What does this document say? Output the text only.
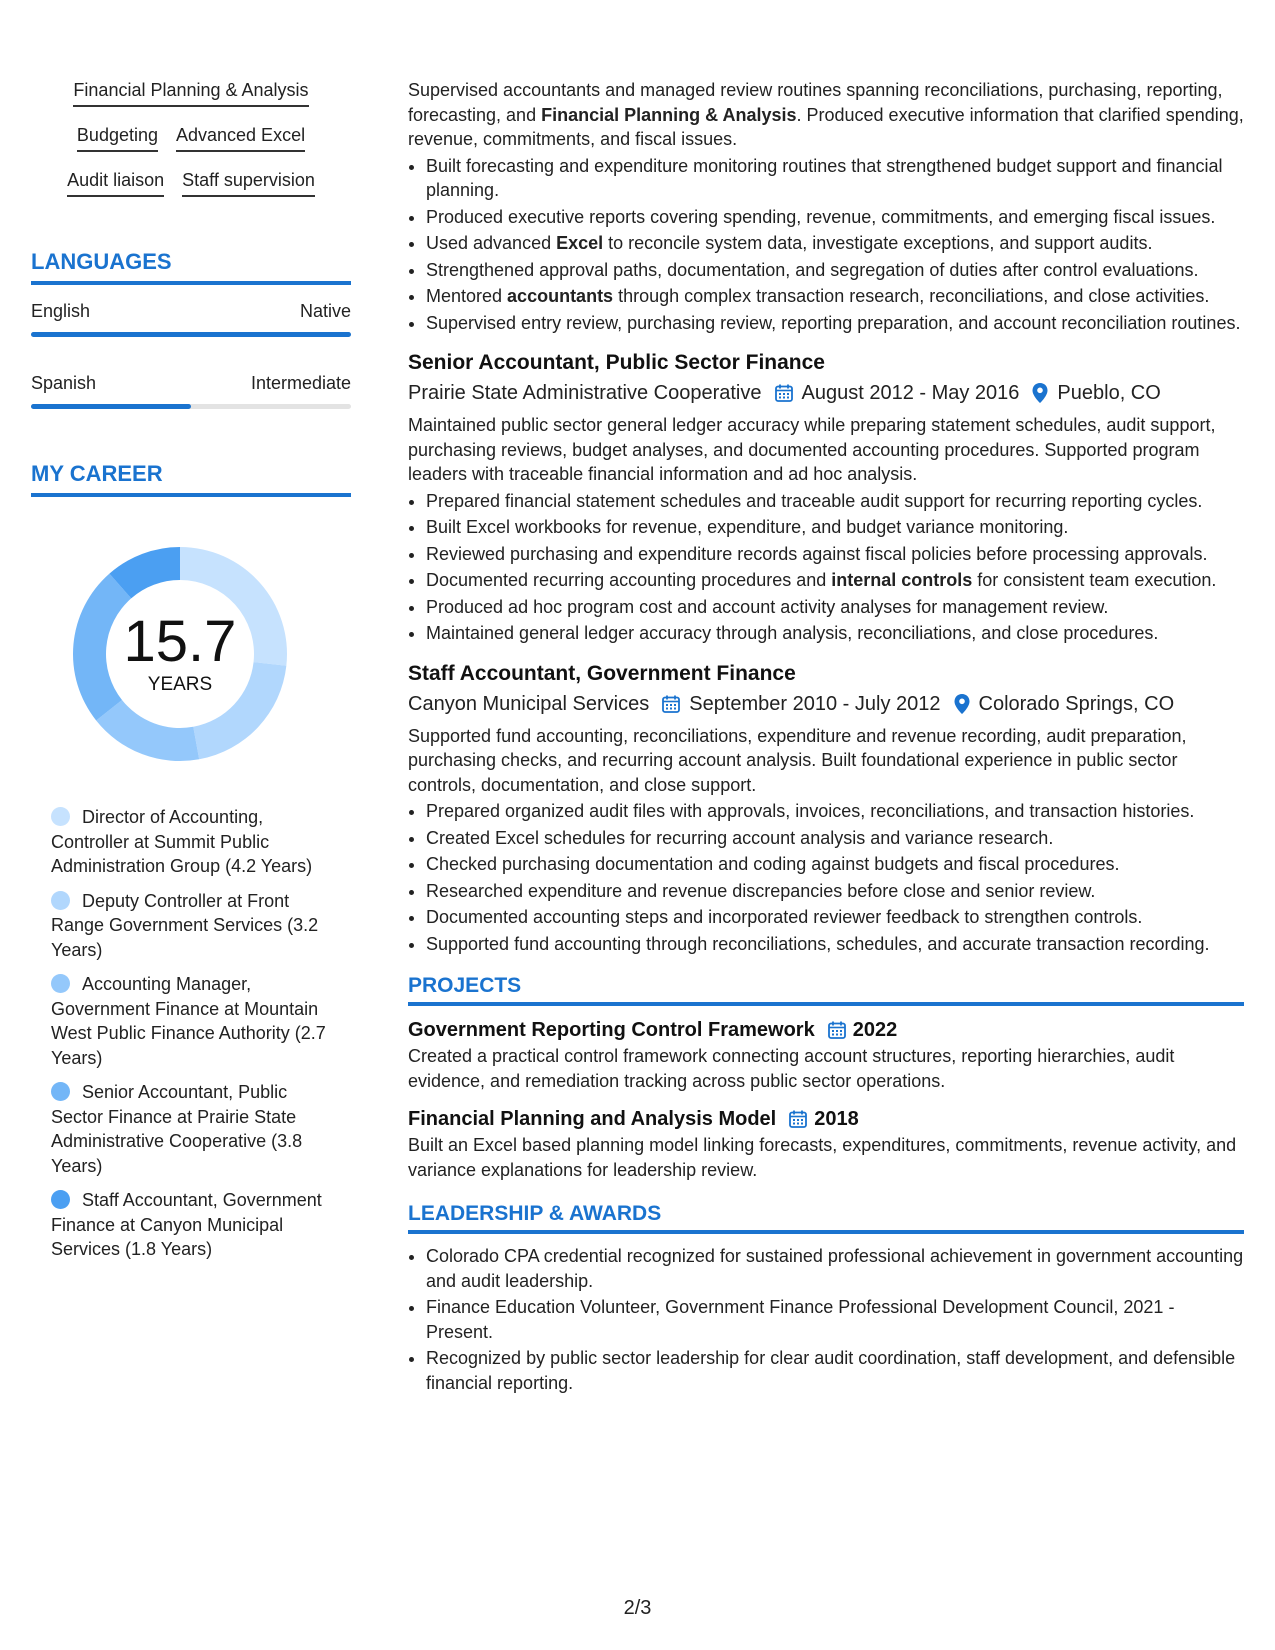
Financial Planning & Analysis
Budgeting Advanced Excel
Audit liaison Staff supervision
LANGUAGES
English	Native
Spanish	Intermediate
MY CAREER
15.7
YEARS
Director of Accounting, Controller at Summit Public Administration Group (4.2 Years)
Deputy Controller at Front Range Government Services (3.2 Years)
Accounting Manager, Government Finance at Mountain West Public Finance Authority (2.7 Years)
Senior Accountant, Public Sector Finance at Prairie State Administrative Cooperative (3.8 Years)
Staff Accountant, Government Finance at Canyon Municipal Services (1.8 Years)

Supervised accountants and managed review routines spanning reconciliations, purchasing, reporting, forecasting, and Financial Planning & Analysis. Produced executive information that clarified spending, revenue, commitments, and fiscal issues.

• Built forecasting and expenditure monitoring routines that strengthened budget support and financial planning.
• Produced executive reports covering spending, revenue, commitments, and emerging fiscal issues.
• Used advanced Excel to reconcile system data, investigate exceptions, and support audits.
• Strengthened approval paths, documentation, and segregation of duties after control evaluations.
• Mentored accountants through complex transaction research, reconciliations, and close activities.
• Supervised entry review, purchasing review, reporting preparation, and account reconciliation routines.
Senior Accountant, Public Sector Finance
Prairie State Administrative Cooperative August 2012 - May 2016 Pueblo, CO

Maintained public sector general ledger accuracy while preparing statement schedules, audit support, purchasing reviews, budget analyses, and documented accounting procedures. Supported program leaders with traceable financial information and ad hoc analysis.

• Prepared financial statement schedules and traceable audit support for recurring reporting cycles.
• Built Excel workbooks for revenue, expenditure, and budget variance monitoring.
• Reviewed purchasing and expenditure records against fiscal policies before processing approvals.
• Documented recurring accounting procedures and internal controls for consistent team execution.
• Produced ad hoc program cost and account activity analyses for management review.
• Maintained general ledger accuracy through analysis, reconciliations, and close procedures.
Staff Accountant, Government Finance
Canyon Municipal Services September 2010 - July 2012 Colorado Springs, CO

Supported fund accounting, reconciliations, expenditure and revenue recording, audit preparation, purchasing checks, and recurring account analysis. Built foundational experience in public sector controls, documentation, and close support.

• Prepared organized audit files with approvals, invoices, reconciliations, and transaction histories.
• Created Excel schedules for recurring account analysis and variance research.
• Checked purchasing documentation and coding against budgets and fiscal procedures.
• Researched expenditure and revenue discrepancies before close and senior review.
• Documented accounting steps and incorporated reviewer feedback to strengthen controls.
• Supported fund accounting through reconciliations, schedules, and accurate transaction recording.
PROJECTS
Government Reporting Control Framework 2022

Created a practical control framework connecting account structures, reporting hierarchies, audit evidence, and remediation tracking across public sector operations.

Financial Planning and Analysis Model 2018

Built an Excel based planning model linking forecasts, expenditures, commitments, revenue activity, and variance explanations for leadership review.

LEADERSHIP & AWARDS
• Colorado CPA credential recognized for sustained professional achievement in government accounting and audit leadership.
• Finance Education Volunteer, Government Finance Professional Development Council, 2021 - Present.
• Recognized by public sector leadership for clear audit coordination, staff development, and defensible financial reporting.
2/3
